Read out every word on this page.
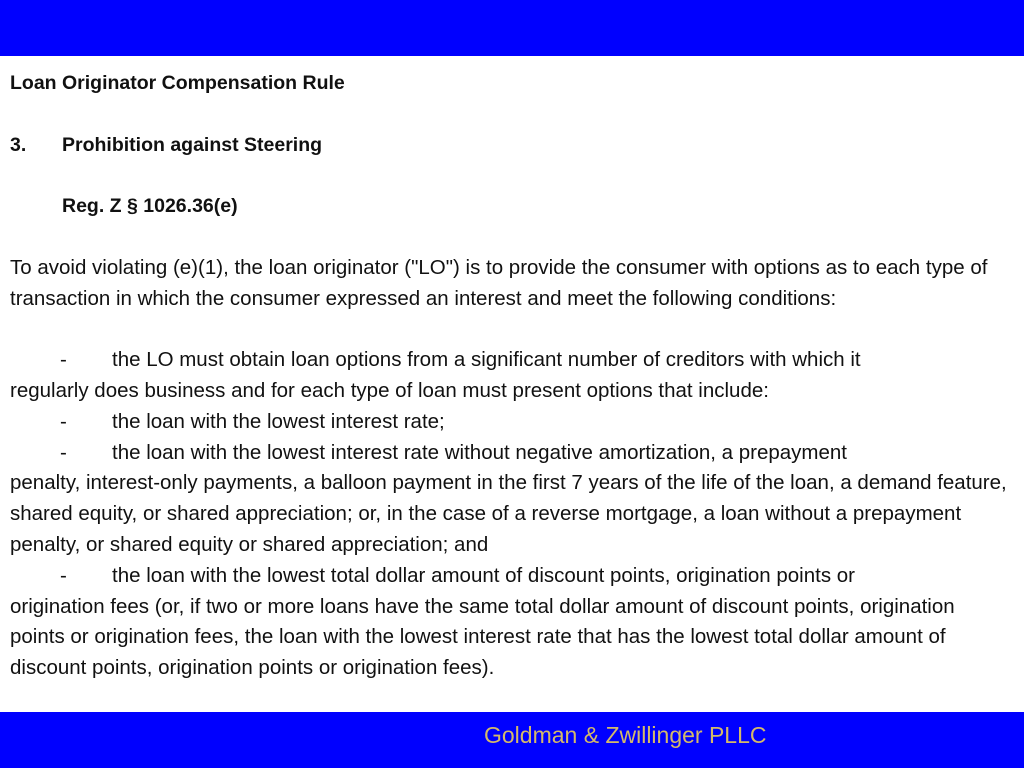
Loan Originator Compensation Rule
3. Prohibition against Steering
Reg. Z § 1026.36(e)

To avoid violating (e)(1), the loan originator ("LO") is to provide the consumer with options as to each type of transaction in which the consumer expressed an interest and meet the following conditions:

- the LO must obtain loan options from a significant number of creditors with which it

regularly does business and for each type of loan must present options that include:

- the loan with the lowest interest rate;
- the loan with the lowest interest rate without negative amortization, a prepayment

penalty, interest-only payments, a balloon payment in the first 7 years of the life of the loan, a demand feature, shared equity, or shared appreciation; or, in the case of a reverse mortgage, a loan without a prepayment penalty, or shared equity or shared appreciation; and

- the loan with the lowest total dollar amount of discount points, origination points or

origination fees (or, if two or more loans have the same total dollar amount of discount points, origination points or origination fees, the loan with the lowest interest rate that has the lowest total dollar amount of discount points, origination points or origination fees).

Goldman & Zwillinger PLLC
